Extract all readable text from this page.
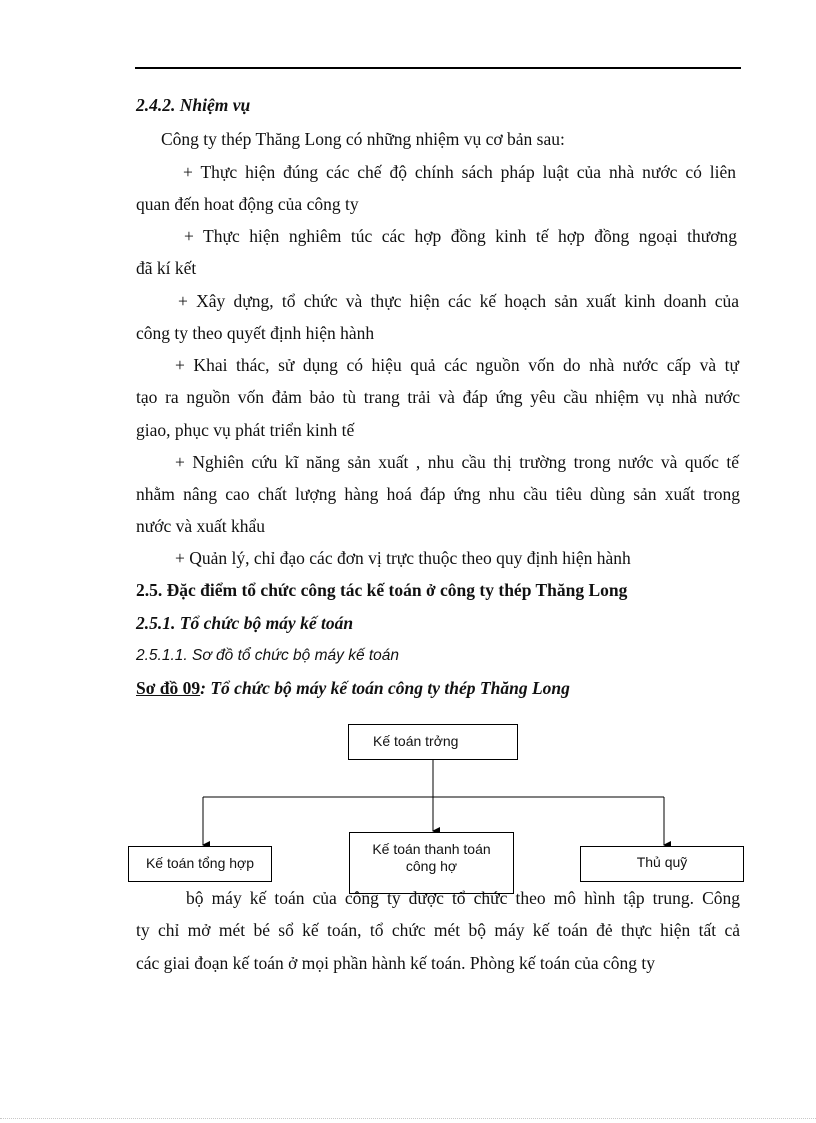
2.4.2. Nhiệm vụ
Công ty thép Thăng Long có những nhiệm vụ cơ bản sau:
+ Thực hiện đúng các chế độ chính sách pháp luật của nhà nước có liên
quan đến hoat động của công ty
+ Thực hiện nghiêm túc các hợp đồng kinh tế hợp đồng ngoại thương
đã kí kết
+ Xây dựng, tổ chức và thực hiện các kế hoạch sản xuất kinh doanh của
công ty theo quyết định hiện hành
+ Khai thác, sử dụng có hiệu quả các nguồn vốn do nhà nước cấp và tự
tạo ra nguồn vốn đảm bảo tù trang trải và đáp ứng yêu cầu nhiệm vụ nhà nước
giao, phục vụ phát triển kinh tế
+ Nghiên cứu kĩ năng sản xuất , nhu cầu thị trường trong nước và quốc tế
nhằm nâng cao chất lượng hàng hoá đáp ứng nhu cầu tiêu dùng sản xuất trong
nước và xuất khẩu
+ Quản lý, chỉ đạo các đơn vị trực thuộc theo quy định hiện hành
2.5. Đặc điểm tổ chức công tác kế toán ở công ty thép Thăng Long
2.5.1. Tổ chức bộ máy kế toán
2.5.1.1. Sơ đồ tổ chức bộ máy kế toán
Sơ đồ 09: Tổ chức bộ máy kế toán công ty thép Thăng Long
Kế toán trởng
Kế toán tổng hợp
Kế toán thanh toán
công hợ	Thủ quỹ
bộ máy kế toán của công ty được tổ chức theo mô hình tập trung. Công
ty chỉ mở mét bé sổ kế toán, tổ chức mét bộ máy kế toán đẻ thực hiện tất cả
các giai đoạn kế toán ở mọi phần hành kế toán. Phòng kế toán của công ty
